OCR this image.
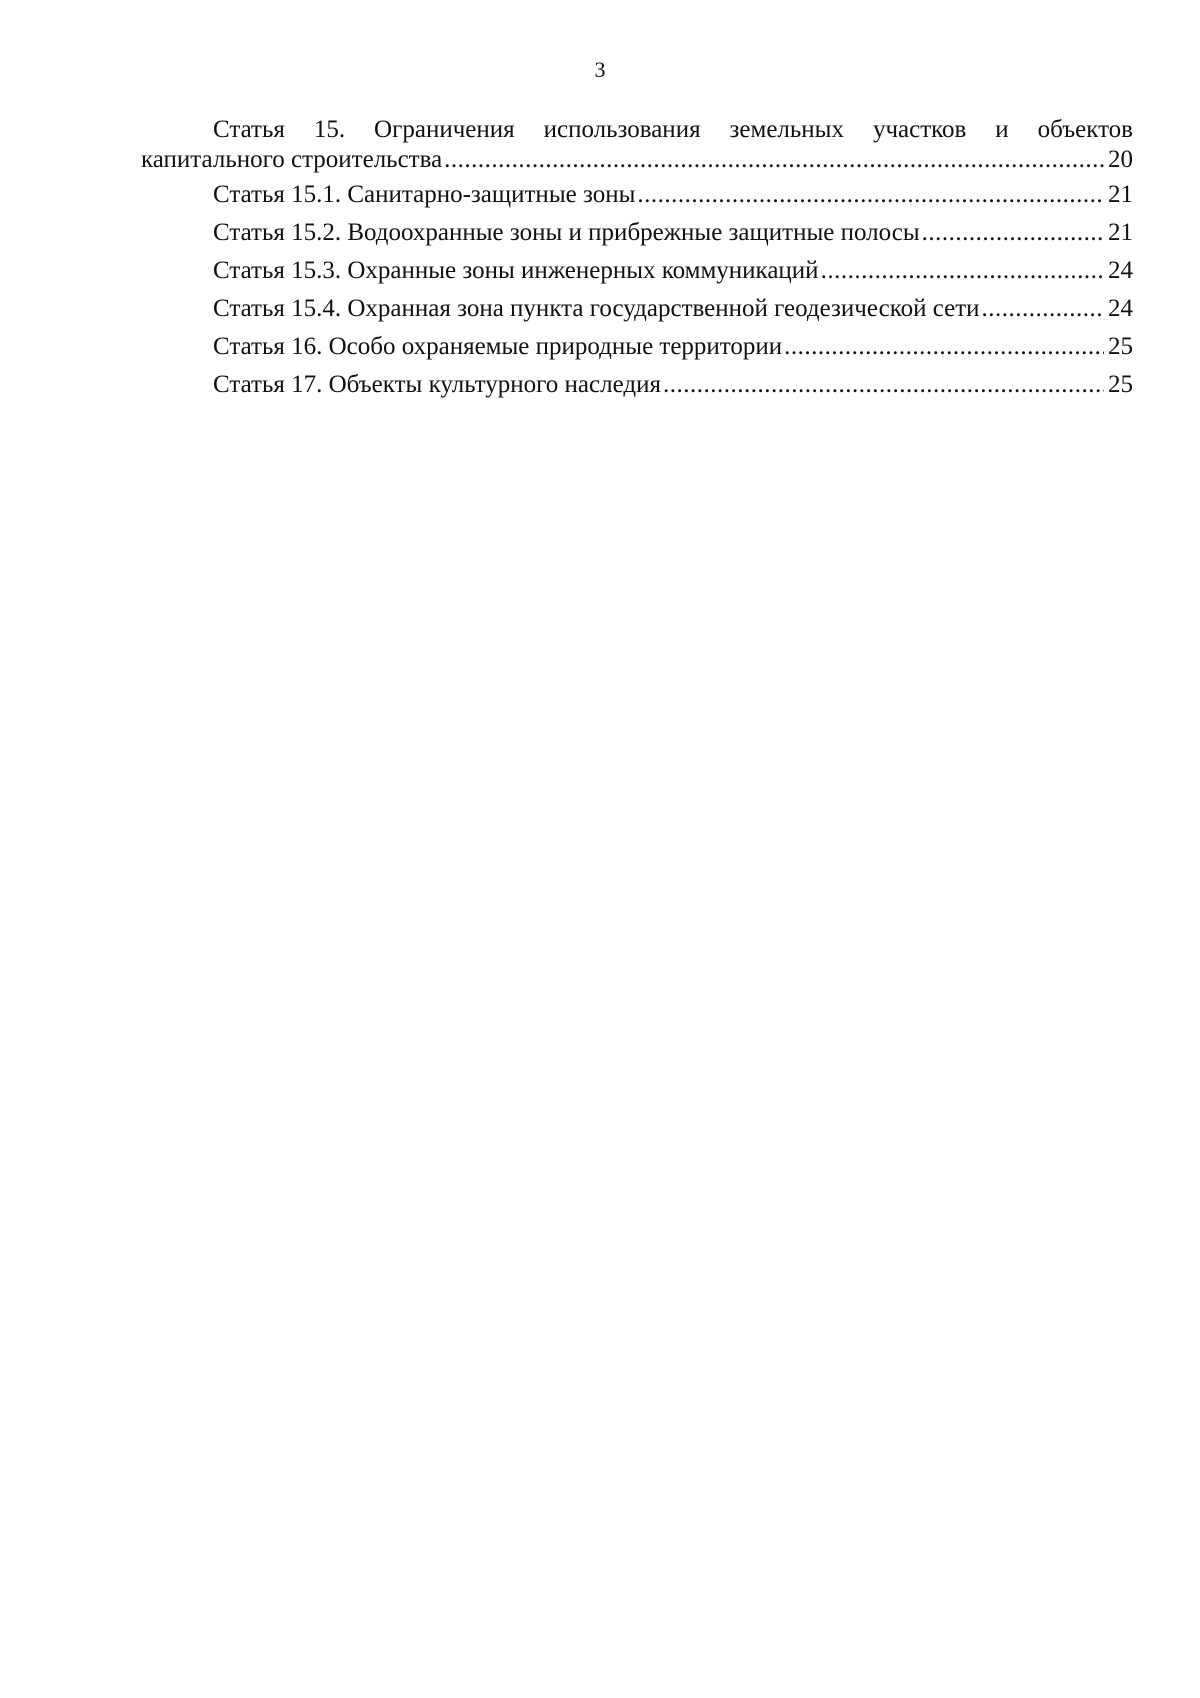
3
Статья 15. Ограничения использования земельных участков и объектов
капитального строительства .....	20
Статья 15.1. Санитарно-защитные зоны .....	21
Статья 15.2. Водоохранные зоны и прибрежные защитные полосы .....	21
Статья 15.3. Охранные зоны инженерных коммуникаций .....	24
Статья 15.4. Охранная зона пункта государственной геодезической сети .....	24
Статья 16. Особо охраняемые природные территории .....	25
Статья 17. Объекты культурного наследия .....	25
